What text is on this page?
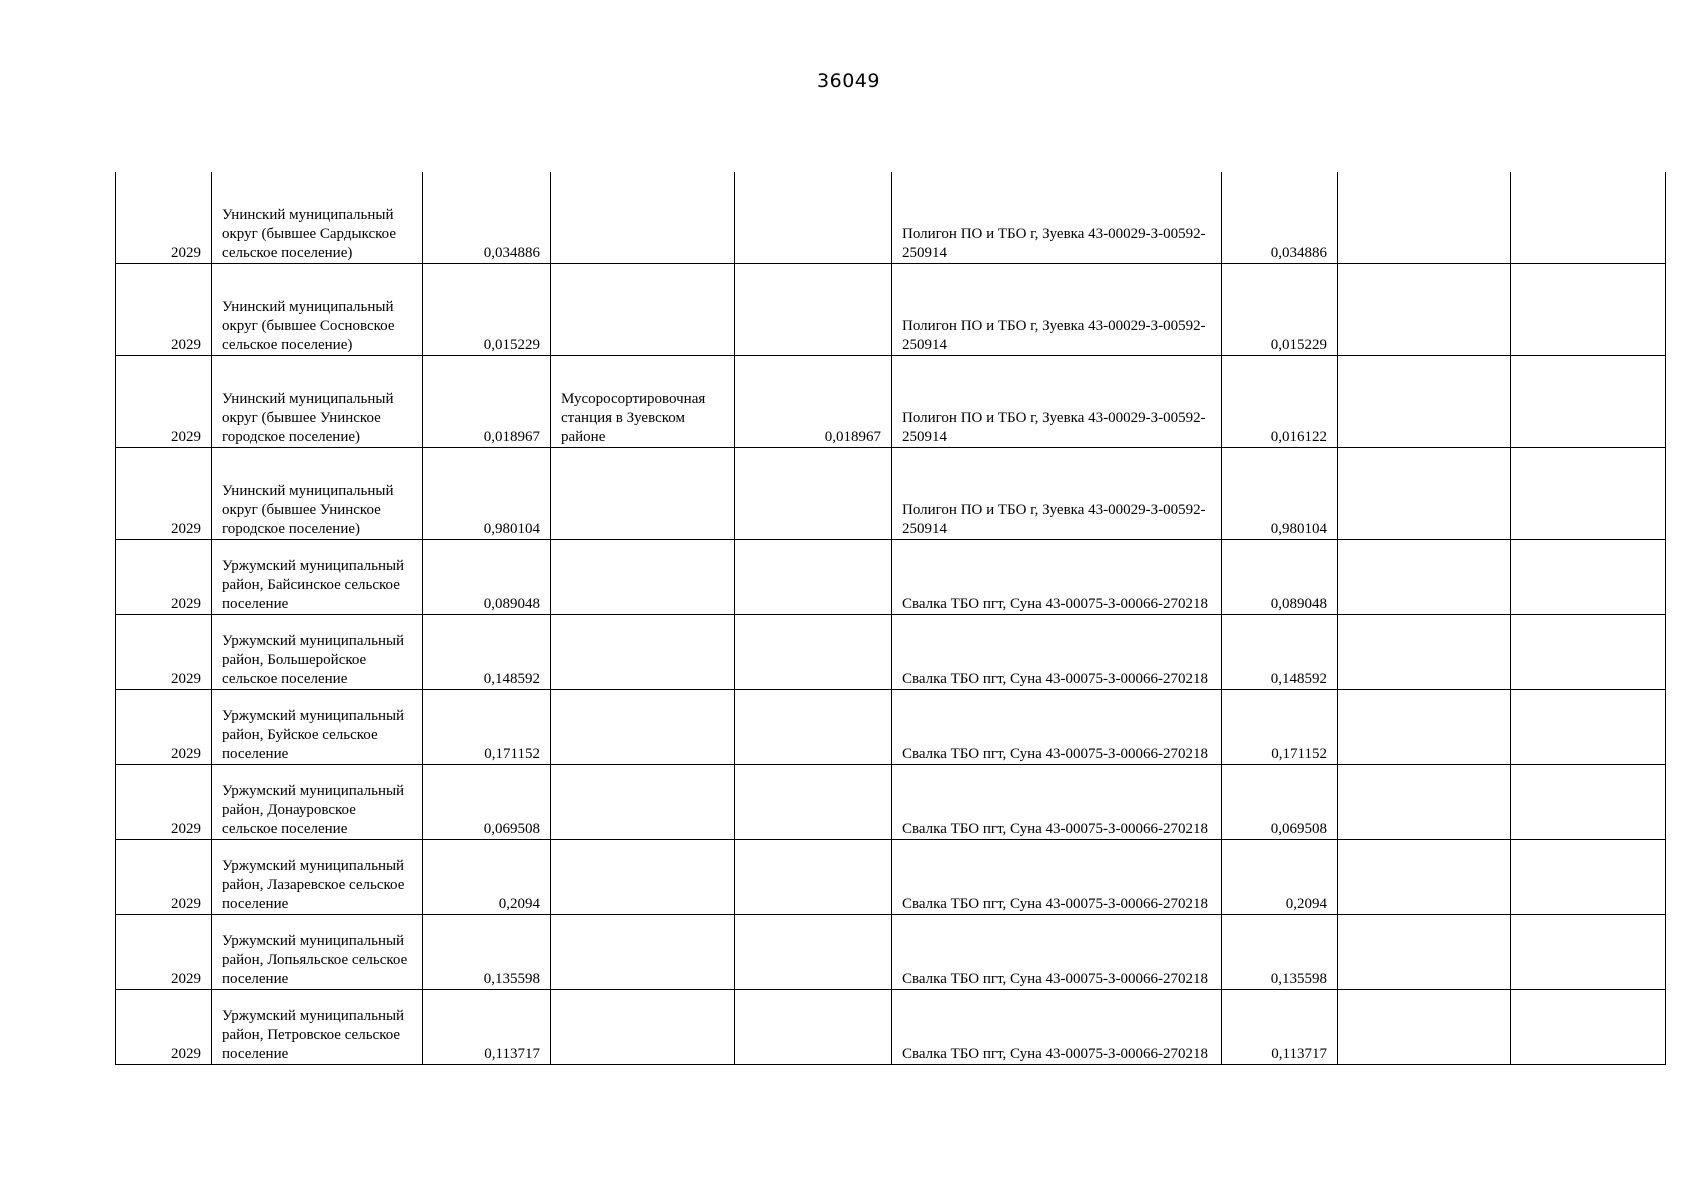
36049
2029	Унинский муниципальный округ (бывшее Сардыкское сельское поселение)	0,034886			Полигон ПО и ТБО г, Зуевка 43-00029-З-00592-250914	0,034886		
2029	Унинский муниципальный округ (бывшее Сосновское сельское поселение)	0,015229			Полигон ПО и ТБО г, Зуевка 43-00029-З-00592-250914	0,015229		
2029	Унинский муниципальный округ (бывшее Унинское городское поселение)	0,018967	Мусоросортировочная станция в Зуевском районе	0,018967	Полигон ПО и ТБО г, Зуевка 43-00029-З-00592-250914	0,016122		
2029	Унинский муниципальный округ (бывшее Унинское городское поселение)	0,980104			Полигон ПО и ТБО г, Зуевка 43-00029-З-00592-250914	0,980104		
2029	Уржумский муниципальный район, Байсинское сельское поселение	0,089048			Свалка ТБО пгт, Суна 43-00075-З-00066-270218	0,089048		
2029	Уржумский муниципальный район, Большеройское сельское поселение	0,148592			Свалка ТБО пгт, Суна 43-00075-З-00066-270218	0,148592		
2029	Уржумский муниципальный район, Буйское сельское поселение	0,171152			Свалка ТБО пгт, Суна 43-00075-З-00066-270218	0,171152		
2029	Уржумский муниципальный район, Донауровское сельское поселение	0,069508			Свалка ТБО пгт, Суна 43-00075-З-00066-270218	0,069508		
2029	Уржумский муниципальный район, Лазаревское сельское поселение	0,2094			Свалка ТБО пгт, Суна 43-00075-З-00066-270218	0,2094		
2029	Уржумский муниципальный район, Лопьяльское сельское поселение	0,135598			Свалка ТБО пгт, Суна 43-00075-З-00066-270218	0,135598		
2029	Уржумский муниципальный район, Петровское сельское поселение	0,113717			Свалка ТБО пгт, Суна 43-00075-З-00066-270218	0,113717		
